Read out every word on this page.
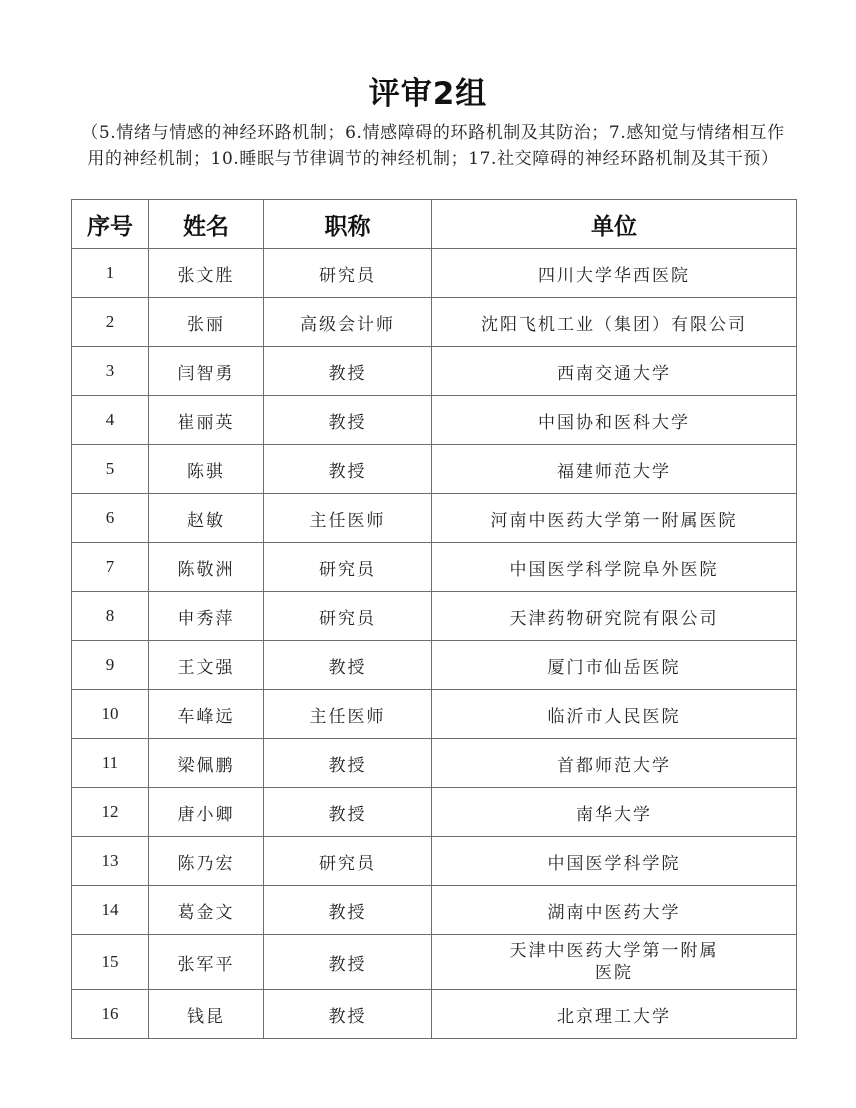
评审2组
（5.情绪与情感的神经环路机制；6.情感障碍的环路机制及其防治；7.感知觉与情绪相互作用的神经机制；10.睡眠与节律调节的神经机制；17.社交障碍的神经环路机制及其干预）
序号	姓名	职称	单位
1	张文胜	研究员	四川大学华西医院
2	张丽	高级会计师	沈阳飞机工业（集团）有限公司
3	闫智勇	教授	西南交通大学
4	崔丽英	教授	中国协和医科大学
5	陈骐	教授	福建师范大学
6	赵敏	主任医师	河南中医药大学第一附属医院
7	陈敬洲	研究员	中国医学科学院阜外医院
8	申秀萍	研究员	天津药物研究院有限公司
9	王文强	教授	厦门市仙岳医院
10	车峰远	主任医师	临沂市人民医院
11	梁佩鹏	教授	首都师范大学
12	唐小卿	教授	南华大学
13	陈乃宏	研究员	中国医学科学院
14	葛金文	教授	湖南中医药大学
15	张军平	教授	天津中医药大学第一附属
医院

16	钱昆	教授	北京理工大学
